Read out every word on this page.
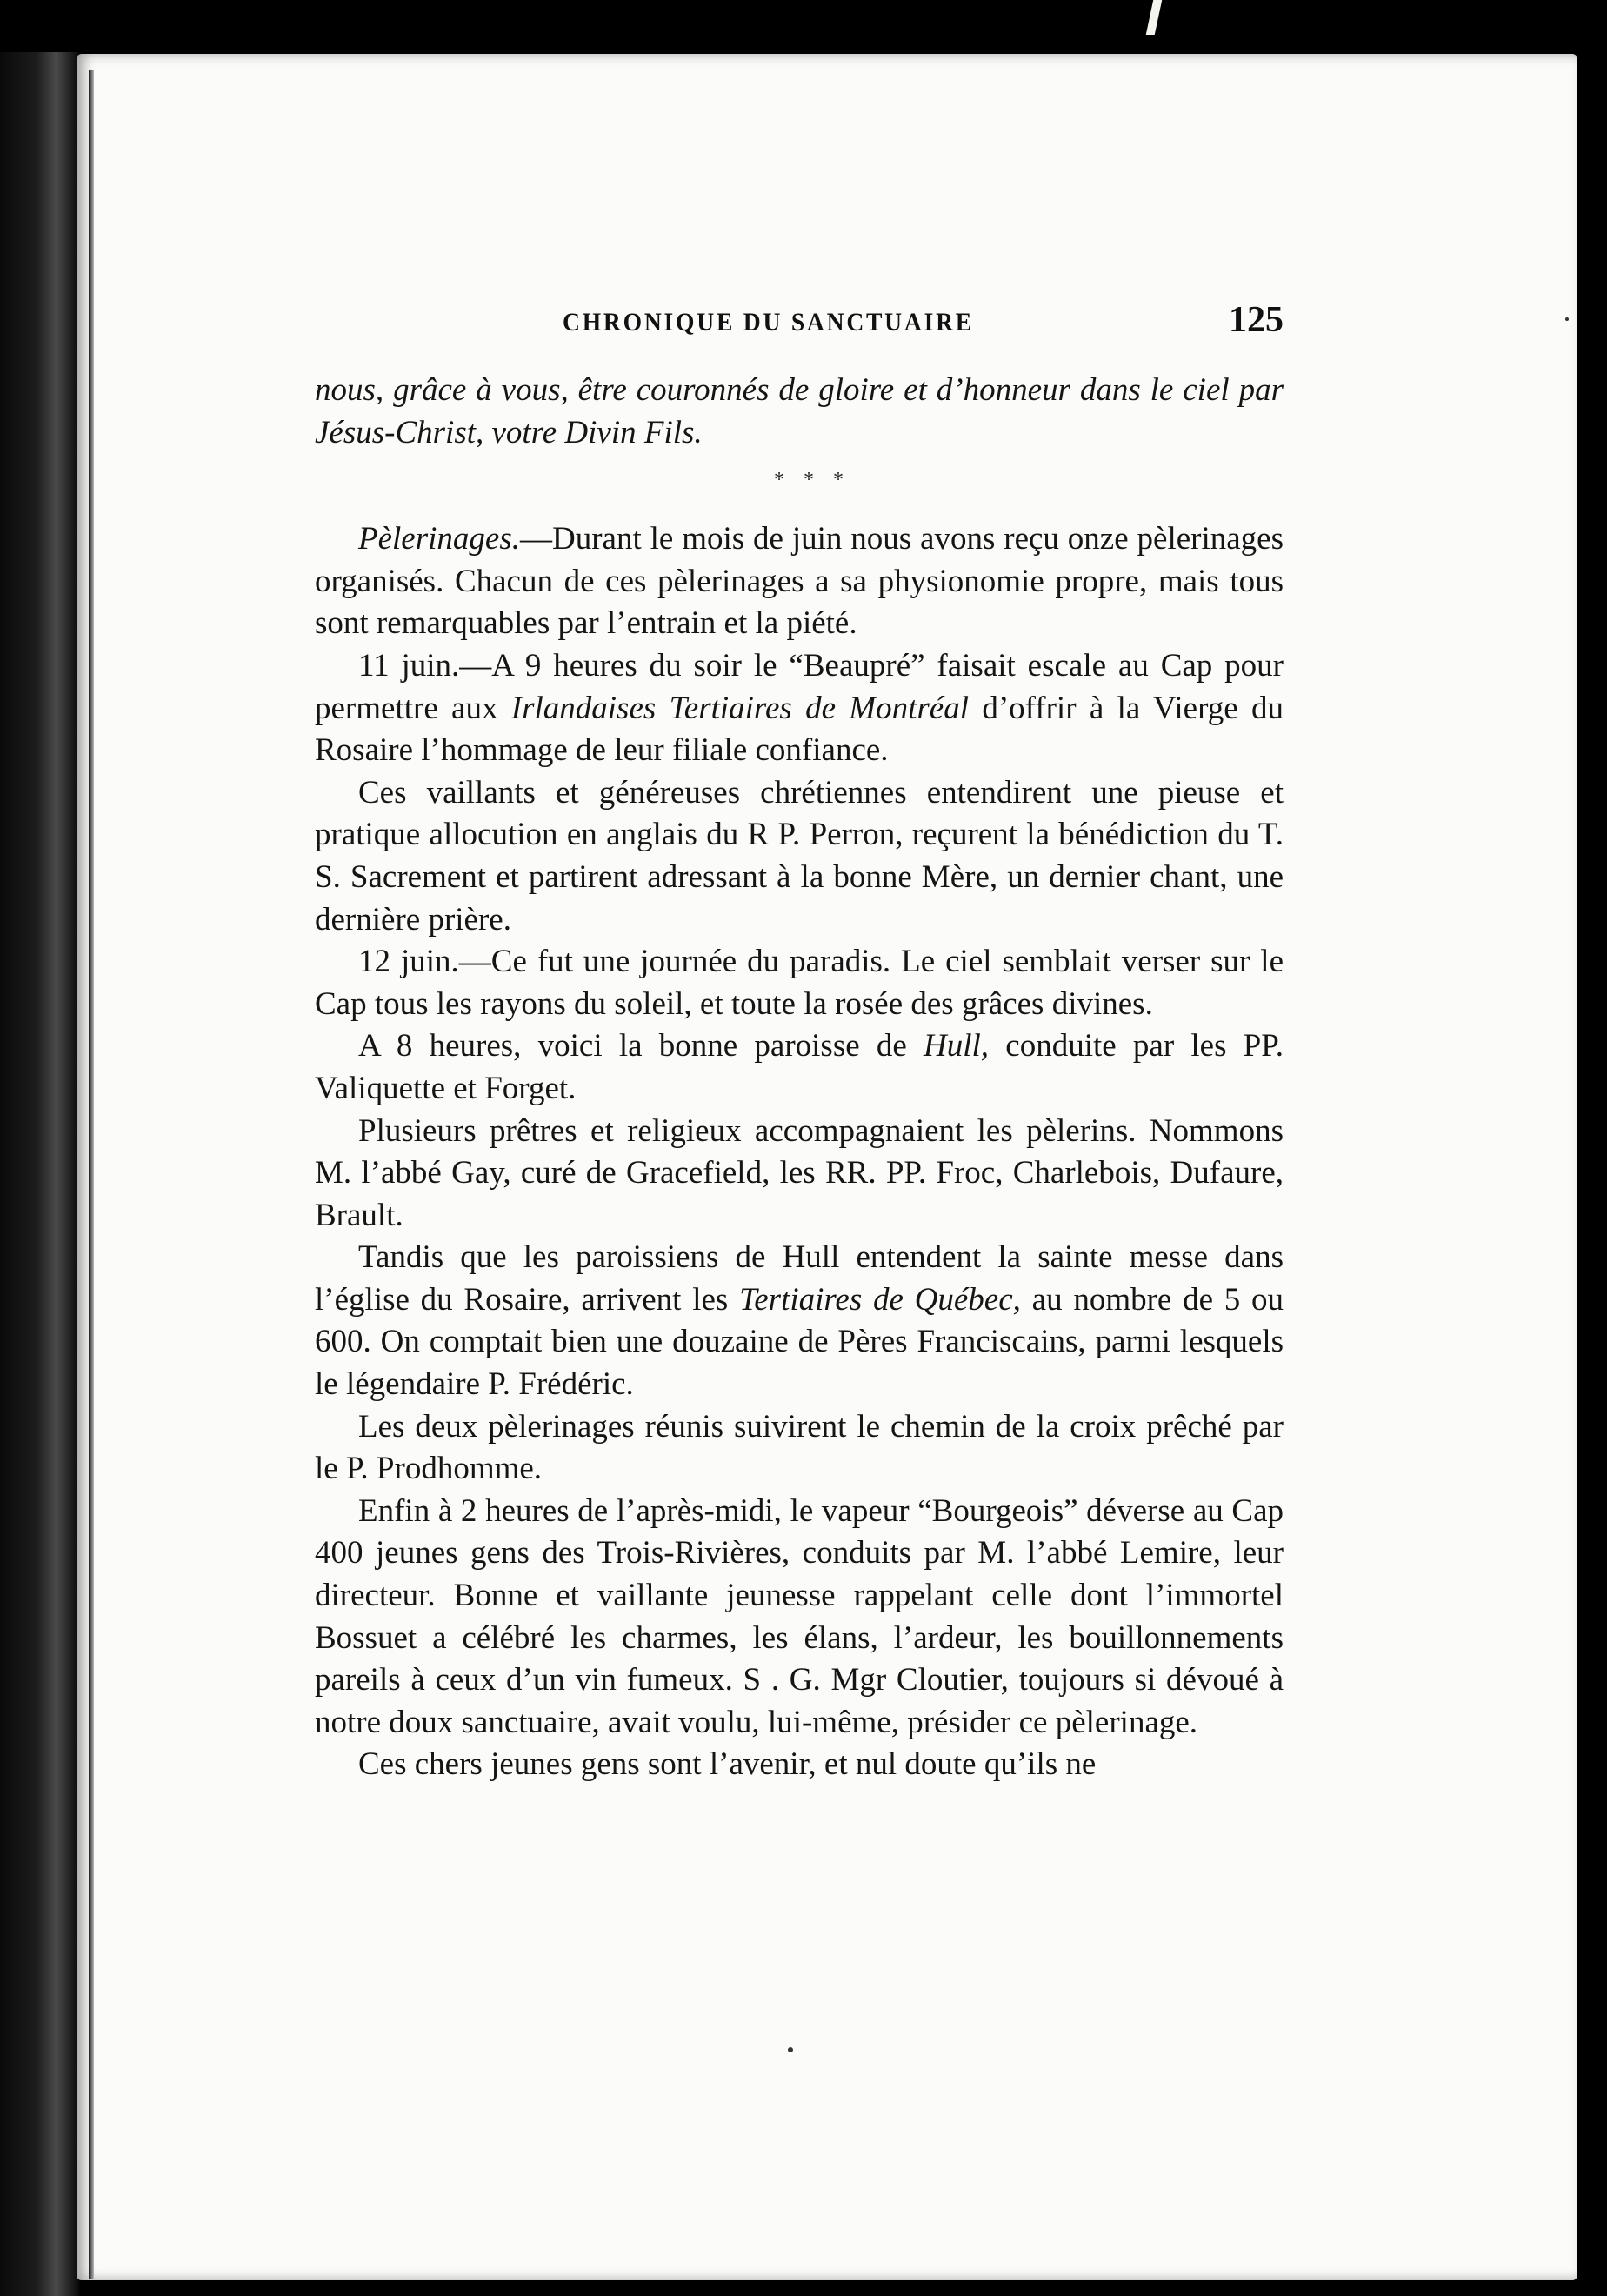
CHRONIQUE DU SANCTUAIRE	125

nous, grâce à vous, être couronnés de gloire et d’honneur dans le ciel par Jésus-Christ, votre Divin Fils.

* * *

Pèlerinages.—Durant le mois de juin nous avons reçu onze pèlerinages organisés. Chacun de ces pèlerinages a sa physionomie propre, mais tous sont remarquables par l’entrain et la piété.

11 juin.—A 9 heures du soir le “Beaupré” faisait escale au Cap pour permettre aux Irlandaises Tertiaires de Montréal d’offrir à la Vierge du Rosaire l’hommage de leur filiale confiance.

Ces vaillants et généreuses chrétiennes entendirent une pieuse et pratique allocution en anglais du R P. Perron, reçurent la bénédiction du T. S. Sacrement et partirent adressant à la bonne Mère, un dernier chant, une dernière prière.

12 juin.—Ce fut une journée du paradis. Le ciel semblait verser sur le Cap tous les rayons du soleil, et toute la rosée des grâces divines.

A 8 heures, voici la bonne paroisse de Hull, conduite par les PP. Valiquette et Forget.

Plusieurs prêtres et religieux accompagnaient les pèlerins. Nommons M. l’abbé Gay, curé de Gracefield, les RR. PP. Froc, Charlebois, Dufaure, Brault.

Tandis que les paroissiens de Hull entendent la sainte messe dans l’église du Rosaire, arrivent les Tertiaires de Québec, au nombre de 5 ou 600. On comptait bien une douzaine de Pères Franciscains, parmi lesquels le légendaire P. Frédéric.

Les deux pèlerinages réunis suivirent le chemin de la croix prêché par le P. Prodhomme.

Enfin à 2 heures de l’après-midi, le vapeur “Bourgeois” déverse au Cap 400 jeunes gens des Trois-Rivières, conduits par M. l’abbé Lemire, leur directeur. Bonne et vaillante jeunesse rappelant celle dont l’immortel Bossuet a célébré les charmes, les élans, l’ardeur, les bouillonnements pareils à ceux d’un vin fumeux. S . G. Mgr Cloutier, toujours si dévoué à notre doux sanctuaire, avait voulu, lui-même, présider ce pèlerinage.

Ces chers jeunes gens sont l’avenir, et nul doute qu’ils ne
